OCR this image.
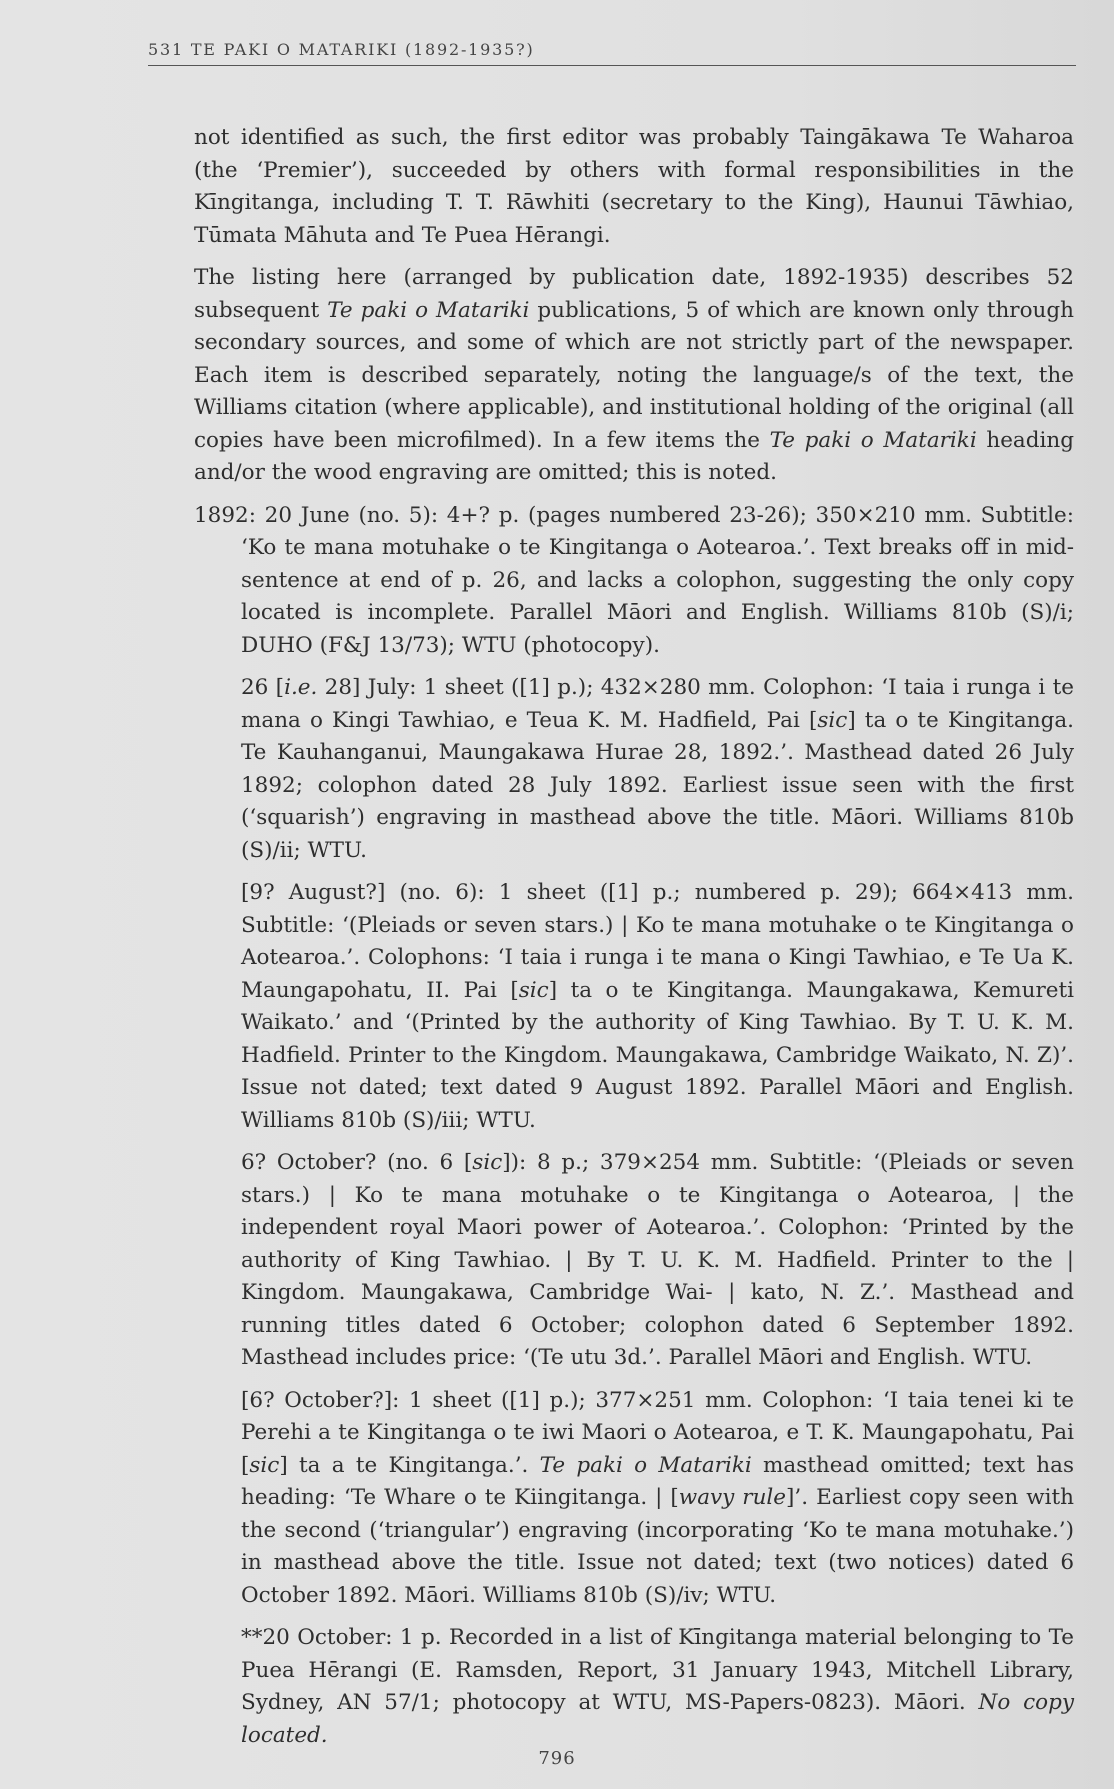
531 TE PAKI O MATARIKI (1892-1935?)

not identified as such, the first editor was probably Taingākawa Te Waharoa (the ‘Premier’), succeeded by others with formal responsibilities in the Kīngitanga, including T. T. Rāwhiti (secretary to the King), Haunui Tāwhiao, Tūmata Māhuta and Te Puea Hērangi.

The listing here (arranged by publication date, 1892-1935) describes 52 subsequent Te paki o Matariki publications, 5 of which are known only through secondary sources, and some of which are not strictly part of the newspaper. Each item is described separately, noting the language/s of the text, the Williams citation (where applicable), and institutional holding of the original (all copies have been microfilmed). In a few items the Te paki o Matariki heading and/or the wood engraving are omitted; this is noted.

1892: 20 June (no. 5): 4+? p. (pages numbered 23-26); 350×210 mm. Subtitle: ‘Ko te mana motuhake o te Kingitanga o Aotearoa.’. Text breaks off in mid-sentence at end of p. 26, and lacks a colophon, suggesting the only copy located is incomplete. Parallel Māori and English. Williams 810b (S)/i; DUHO (F&J 13/73); WTU (photocopy).

26 [i.e. 28] July: 1 sheet ([1] p.); 432×280 mm. Colophon: ‘I taia i runga i te mana o Kingi Tawhiao, e Teua K. M. Hadfield, Pai [sic] ta o te Kingitanga. Te Kauhanganui, Maungakawa Hurae 28, 1892.’. Masthead dated 26 July 1892; colophon dated 28 July 1892. Earliest issue seen with the first (‘squarish’) engraving in masthead above the title. Māori. Williams 810b (S)/ii; WTU.

[9? August?] (no. 6): 1 sheet ([1] p.; numbered p. 29); 664×413 mm. Subtitle: ‘(Pleiads or seven stars.) | Ko te mana motuhake o te Kingitanga o Aotearoa.’. Colophons: ‘I taia i runga i te mana o Kingi Tawhiao, e Te Ua K. Maungapohatu, II. Pai [sic] ta o te Kingitanga. Maungakawa, Kemureti Waikato.’ and ‘(Printed by the authority of King Tawhiao. By T. U. K. M. Hadfield. Printer to the Kingdom. Maungakawa, Cambridge Waikato, N. Z)’. Issue not dated; text dated 9 August 1892. Parallel Māori and English. Williams 810b (S)/iii; WTU.

6? October? (no. 6 [sic]): 8 p.; 379×254 mm. Subtitle: ‘(Pleiads or seven stars.) | Ko te mana motuhake o te Kingitanga o Aotearoa, | the independent royal Maori power of Aotearoa.’. Colophon: ‘Printed by the authority of King Tawhiao. | By T. U. K. M. Hadfield. Printer to the | Kingdom. Maungakawa, Cambridge Wai- | kato, N. Z.’. Masthead and running titles dated 6 October; colophon dated 6 September 1892. Masthead includes price: ‘(Te utu 3d.’. Parallel Māori and English. WTU.

[6? October?]: 1 sheet ([1] p.); 377×251 mm. Colophon: ‘I taia tenei ki te Perehi a te Kingitanga o te iwi Maori o Aotearoa, e T. K. Maungapohatu, Pai [sic] ta a te Kingitanga.’. Te paki o Matariki masthead omitted; text has heading: ‘Te Whare o te Kiingitanga. | [wavy rule]’. Earliest copy seen with the second (‘triangular’) engraving (incorporating ‘Ko te mana motuhake.’) in masthead above the title. Issue not dated; text (two notices) dated 6 October 1892. Māori. Williams 810b (S)/iv; WTU.

**20 October: 1 p. Recorded in a list of Kīngitanga material belonging to Te Puea Hērangi (E. Ramsden, Report, 31 January 1943, Mitchell Library, Sydney, AN 57/1; photocopy at WTU, MS-Papers-0823). Māori. No copy located.

796
